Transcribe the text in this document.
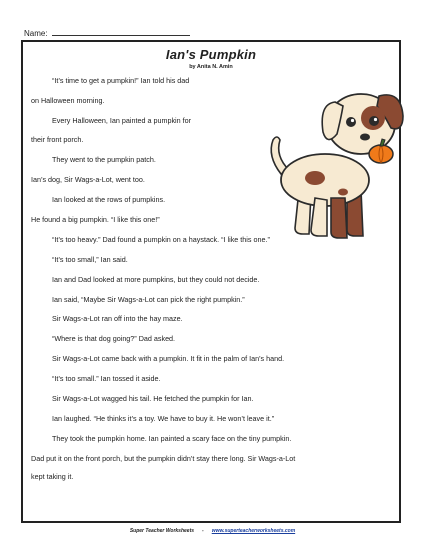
Name:
Ian's Pumpkin
by Anita N. Amin
“It’s time to get a pumpkin!” Ian told his dad
on Halloween morning.
Every Halloween, Ian painted a pumpkin for
their front porch.
They went to the pumpkin patch.
Ian’s dog, Sir Wags-a-Lot, went too.
Ian looked at the rows of pumpkins.
He found a big pumpkin. “I like this one!”
“It’s too heavy.” Dad found a pumpkin on a haystack. “I like this one.”
“It’s too small,” Ian said.
Ian and Dad looked at more pumpkins, but they could not decide.
Ian said, “Maybe Sir Wags-a-Lot can pick the right pumpkin.”
Sir Wags-a-Lot ran off into the hay maze.
“Where is that dog going?” Dad asked.
Sir Wags-a-Lot came back with a pumpkin. It fit in the palm of Ian’s hand.
“It’s too small.” Ian tossed it aside.
Sir Wags-a-Lot wagged his tail. He fetched the pumpkin for Ian.
Ian laughed. “He thinks it’s a toy. We have to buy it. He won’t leave it.”
They took the pumpkin home. Ian painted a scary face on the tiny pumpkin.
Dad put it on the front porch, but the pumpkin didn’t stay there long. Sir Wags-a-Lot
kept taking it.
Super Teacher Worksheets - www.superteacherworksheets.com
